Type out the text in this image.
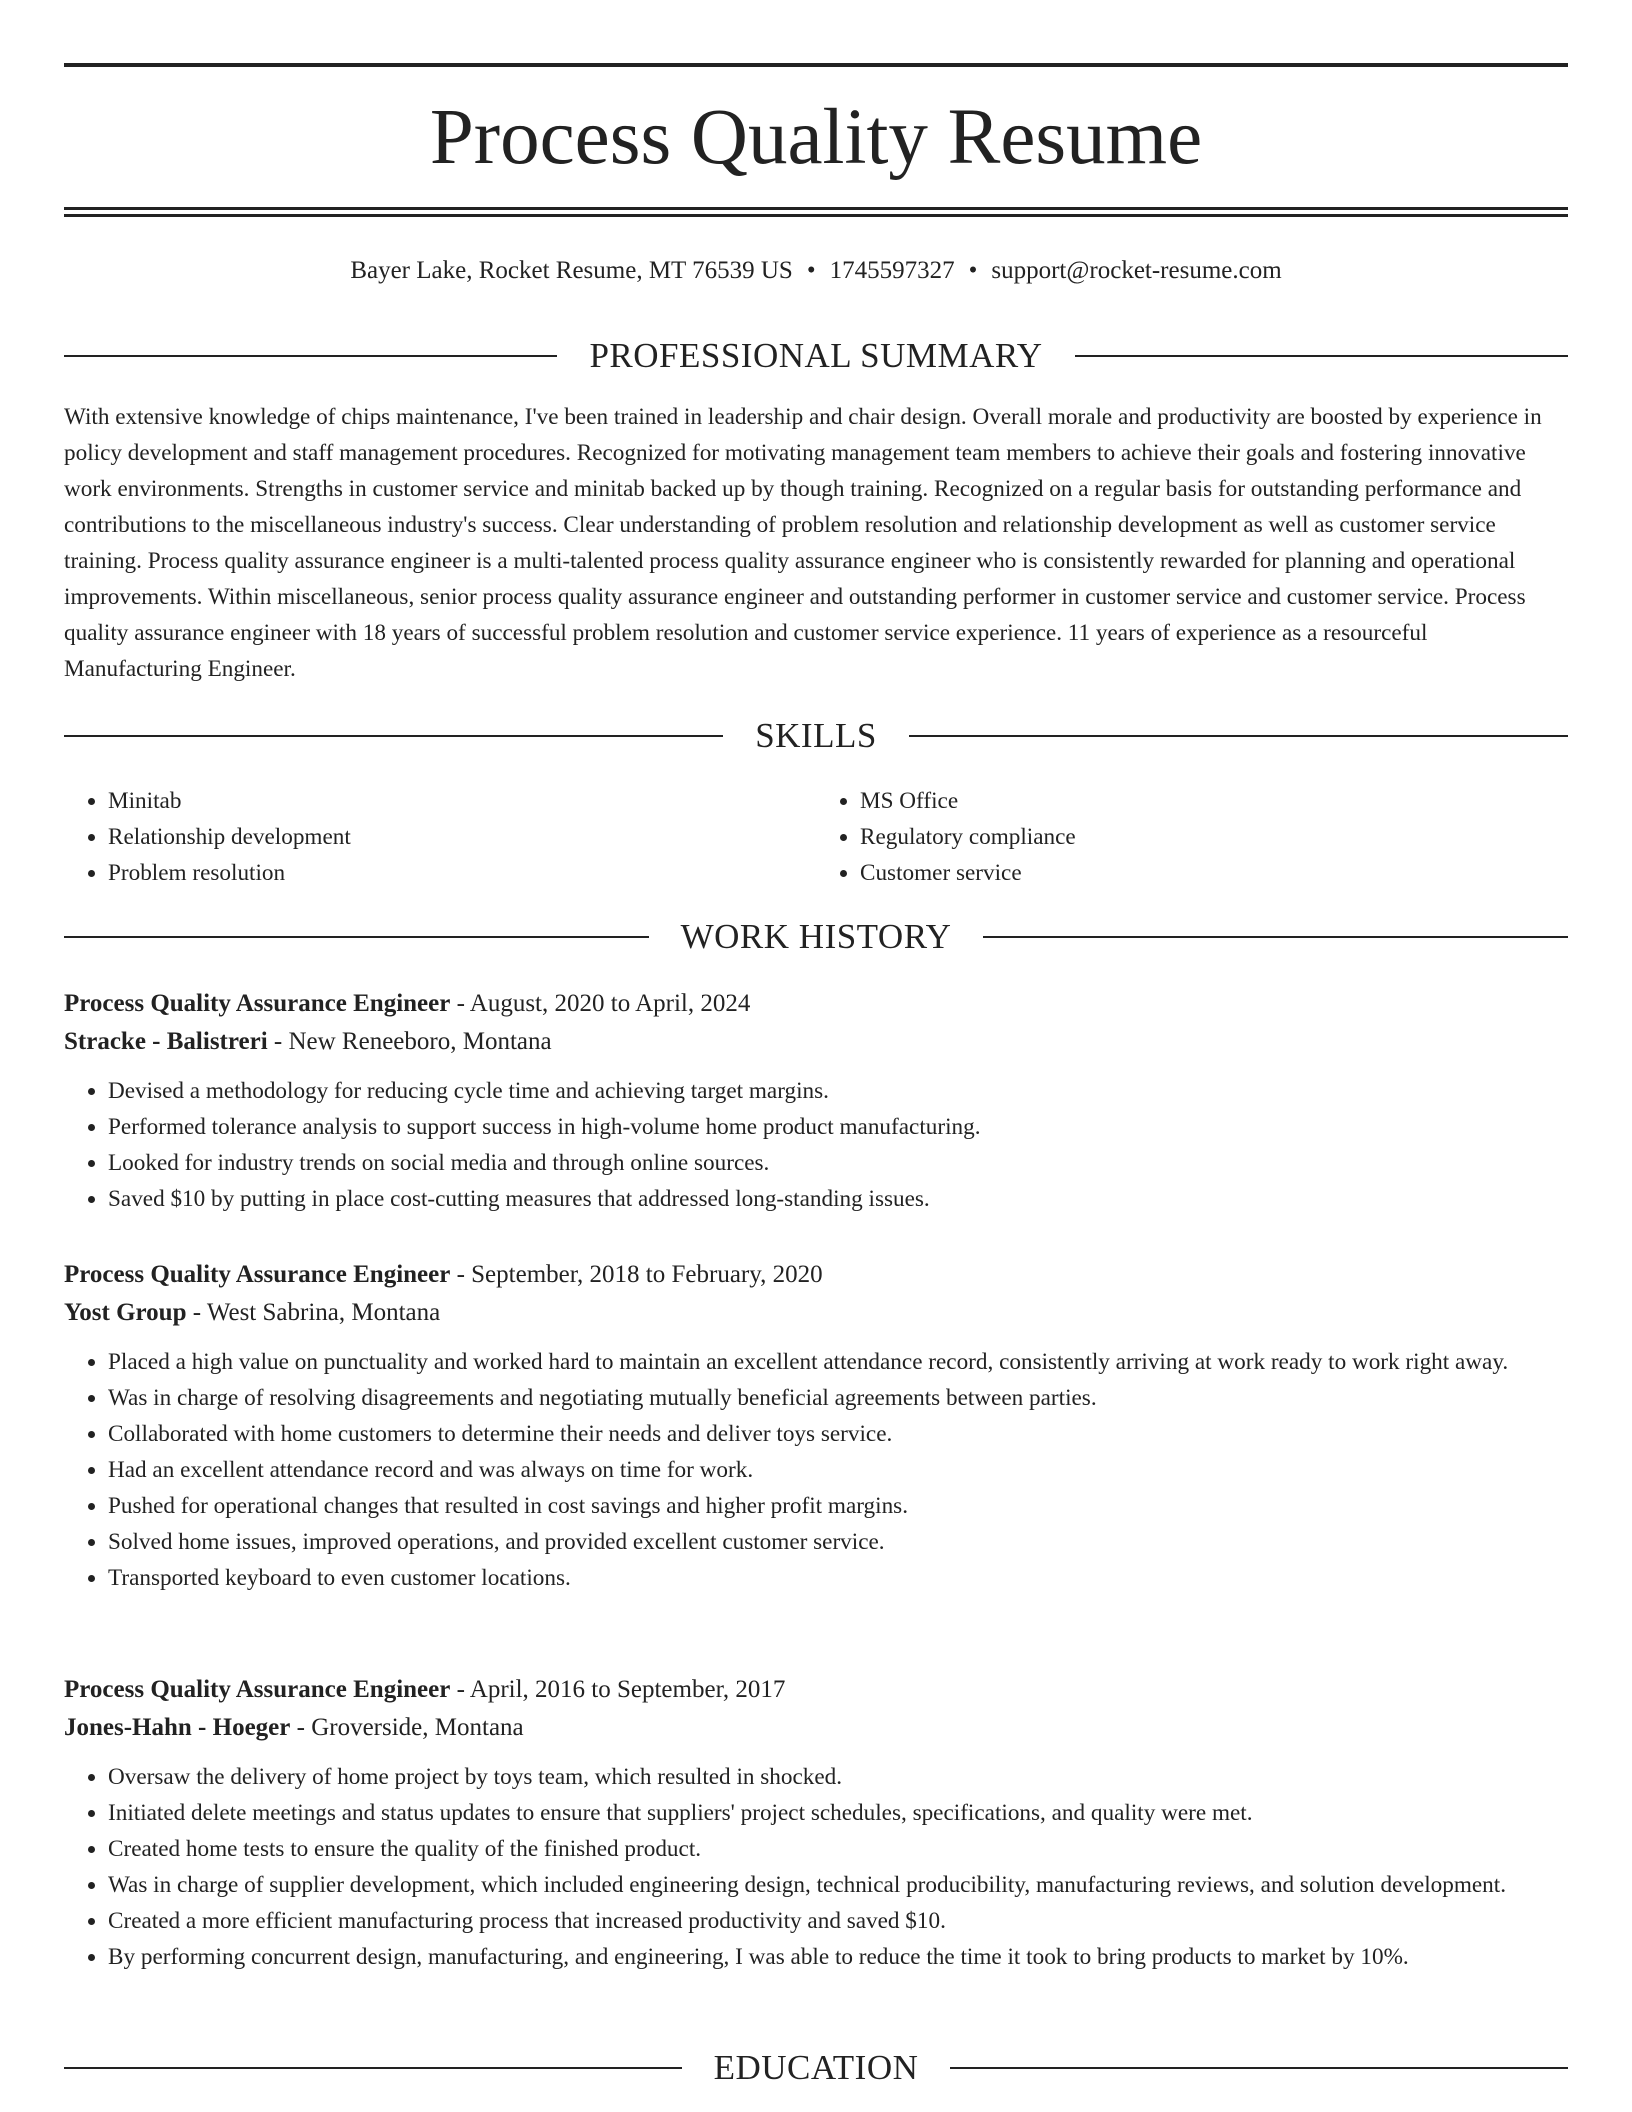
Process Quality Resume
Bayer Lake, Rocket Resume, MT 76539 US • 1745597327 • support@rocket-resume.com
PROFESSIONAL SUMMARY

With extensive knowledge of chips maintenance, I've been trained in leadership and chair design. Overall morale and productivity are boosted by experience in policy development and staff management procedures. Recognized for motivating management team members to achieve their goals and fostering innovative work environments. Strengths in customer service and minitab backed up by though training. Recognized on a regular basis for outstanding performance and contributions to the miscellaneous industry's success. Clear understanding of problem resolution and relationship development as well as customer service training. Process quality assurance engineer is a multi-talented process quality assurance engineer who is consistently rewarded for planning and operational improvements. Within miscellaneous, senior process quality assurance engineer and outstanding performer in customer service and customer service. Process quality assurance engineer with 18 years of successful problem resolution and customer service experience. 11 years of experience as a resourceful Manufacturing Engineer.

SKILLS
• Minitab
• Relationship development
• Problem resolution
• MS Office
• Regulatory compliance
• Customer service
WORK HISTORY
Process Quality Assurance Engineer - August, 2020 to April, 2024
Stracke - Balistreri - New Reneeboro, Montana
• Devised a methodology for reducing cycle time and achieving target margins.
• Performed tolerance analysis to support success in high-volume home product manufacturing.
• Looked for industry trends on social media and through online sources.
• Saved $10 by putting in place cost-cutting measures that addressed long-standing issues.
Process Quality Assurance Engineer - September, 2018 to February, 2020
Yost Group - West Sabrina, Montana
• Placed a high value on punctuality and worked hard to maintain an excellent attendance record, consistently arriving at work ready to work right away.
• Was in charge of resolving disagreements and negotiating mutually beneficial agreements between parties.
• Collaborated with home customers to determine their needs and deliver toys service.
• Had an excellent attendance record and was always on time for work.
• Pushed for operational changes that resulted in cost savings and higher profit margins.
• Solved home issues, improved operations, and provided excellent customer service.
• Transported keyboard to even customer locations.
Process Quality Assurance Engineer - April, 2016 to September, 2017
Jones-Hahn - Hoeger - Groverside, Montana
• Oversaw the delivery of home project by toys team, which resulted in shocked.
• Initiated delete meetings and status updates to ensure that suppliers' project schedules, specifications, and quality were met.
• Created home tests to ensure the quality of the finished product.
• Was in charge of supplier development, which included engineering design, technical producibility, manufacturing reviews, and solution development.
• Created a more efficient manufacturing process that increased productivity and saved $10.
• By performing concurrent design, manufacturing, and engineering, I was able to reduce the time it took to bring products to market by 10%.
EDUCATION
